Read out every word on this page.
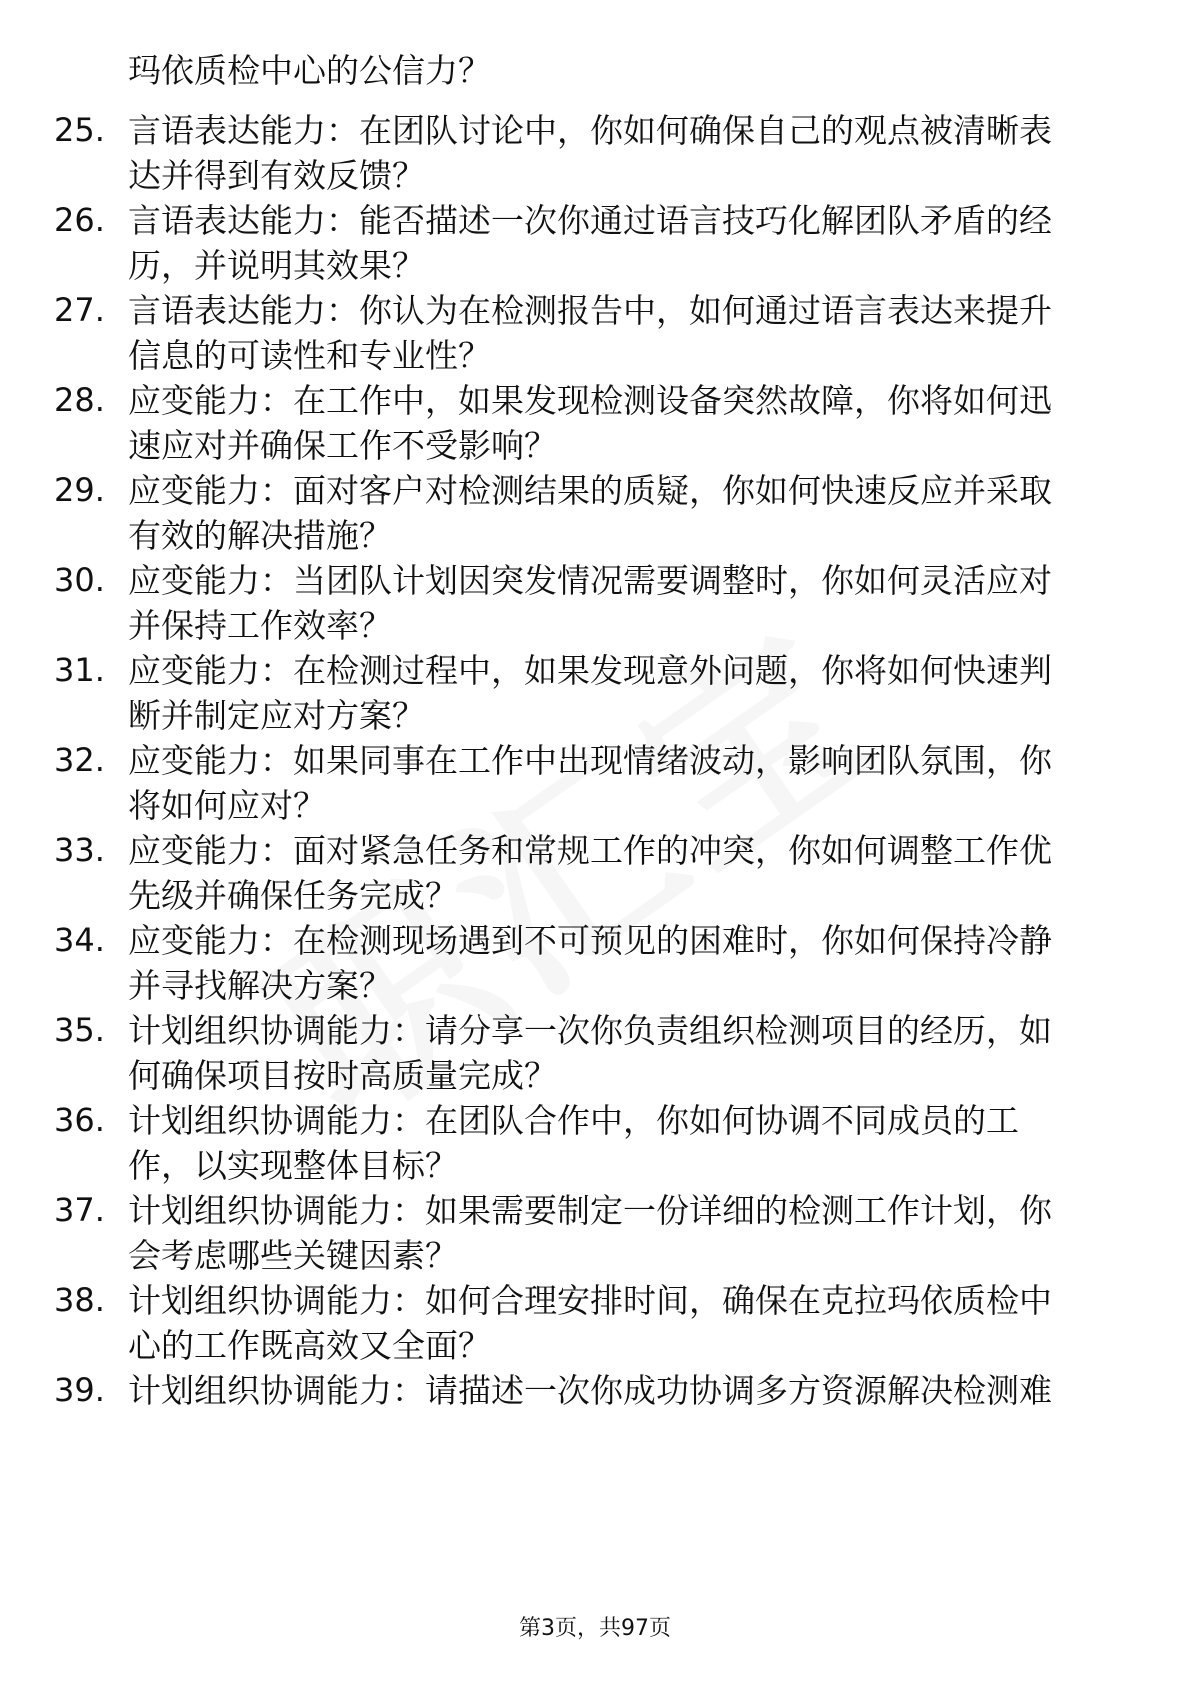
玛依质检中心的公信力？
25. 言语表达能力：在团队讨论中，你如何确保自己的观点被清晰表
达并得到有效反馈？
26. 言语表达能力：能否描述一次你通过语言技巧化解团队矛盾的经
历，并说明其效果？
27. 言语表达能力：你认为在检测报告中，如何通过语言表达来提升
信息的可读性和专业性？
28. 应变能力：在工作中，如果发现检测设备突然故障，你将如何迅
速应对并确保工作不受影响？
29. 应变能力：面对客户对检测结果的质疑，你如何快速反应并采取
有效的解决措施？
30. 应变能力：当团队计划因突发情况需要调整时，你如何灵活应对
并保持工作效率？
31. 应变能力：在检测过程中，如果发现意外问题，你将如何快速判
断并制定应对方案？
32. 应变能力：如果同事在工作中出现情绪波动，影响团队氛围，你
将如何应对？
33. 应变能力：面对紧急任务和常规工作的冲突，你如何调整工作优
先级并确保任务完成？
34. 应变能力：在检测现场遇到不可预见的困难时，你如何保持冷静
并寻找解决方案？
35. 计划组织协调能力：请分享一次你负责组织检测项目的经历，如
何确保项目按时高质量完成？
36. 计划组织协调能力：在团队合作中，你如何协调不同成员的工
作，以实现整体目标？
37. 计划组织协调能力：如果需要制定一份详细的检测工作计划，你
会考虑哪些关键因素？
38. 计划组织协调能力：如何合理安排时间，确保在克拉玛依质检中
心的工作既高效又全面？
39. 计划组织协调能力：请描述一次你成功协调多方资源解决检测难
第3页，共97页
